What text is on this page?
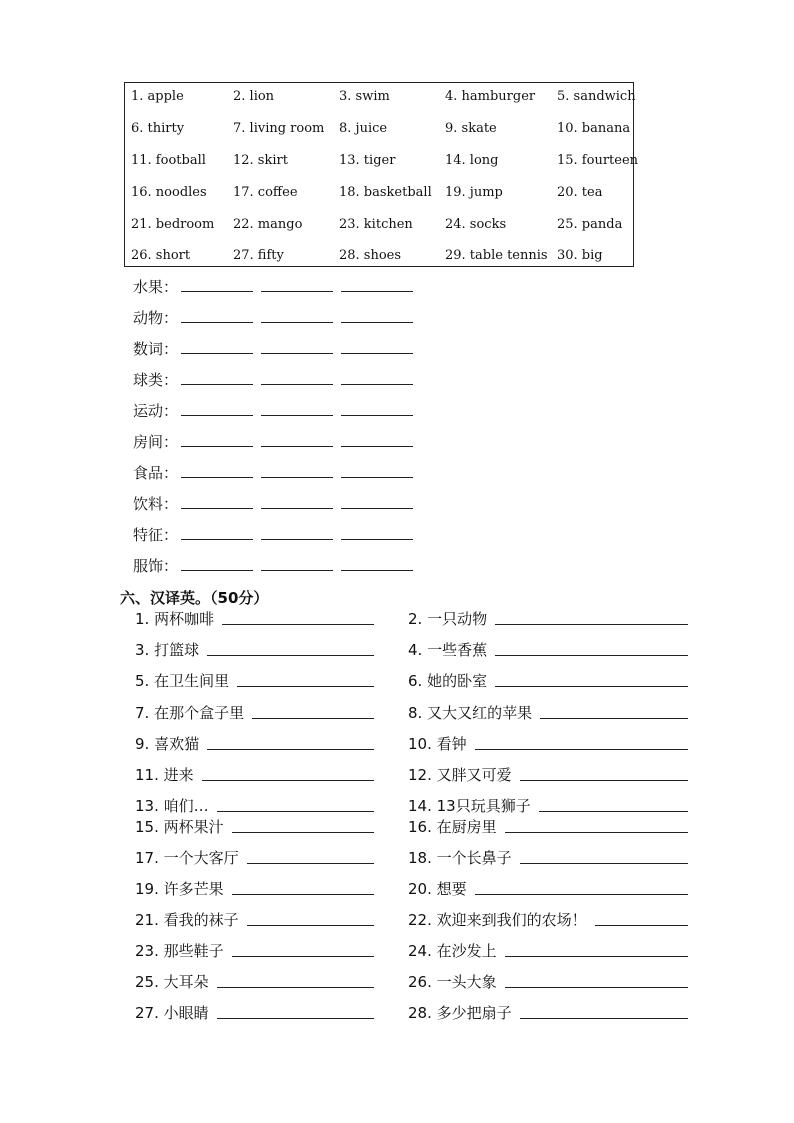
1. apple	2. lion	3. swim	4. hamburger 5. sandwich
6. thirty	7. living room 8. juice	9. skate	10. banana
11. football 12. skirt	13. tiger	14. long	15. fourteen
16. noodles 17. coffee	18. basketball 19. jump	20. tea
21. bedroom 22. mango	23. kitchen 24. socks	25. panda
26. short	27. fifty	28. shoes	29. table tennis 30. big
水果：
动物：
数词：
球类：
运动：
房间：
食品：
饮料：
特征：
服饰：
六、汉译英。（50分）
1. 两杯咖啡	2. 一只动物
3. 打篮球	4. 一些香蕉
5. 在卫生间里	6. 她的卧室
7. 在那个盒子里	8. 又大又红的苹果
9. 喜欢猫	10. 看钟
11. 进来	12. 又胖又可爱
13. 咱们…	14. 13只玩具狮子
15. 两杯果汁	16. 在厨房里
17. 一个大客厅	18. 一个长鼻子
19. 许多芒果	20. 想要
21. 看我的袜子	22. 欢迎来到我们的农场！
23. 那些鞋子	24. 在沙发上
25. 大耳朵	26. 一头大象
27. 小眼睛	28. 多少把扇子
